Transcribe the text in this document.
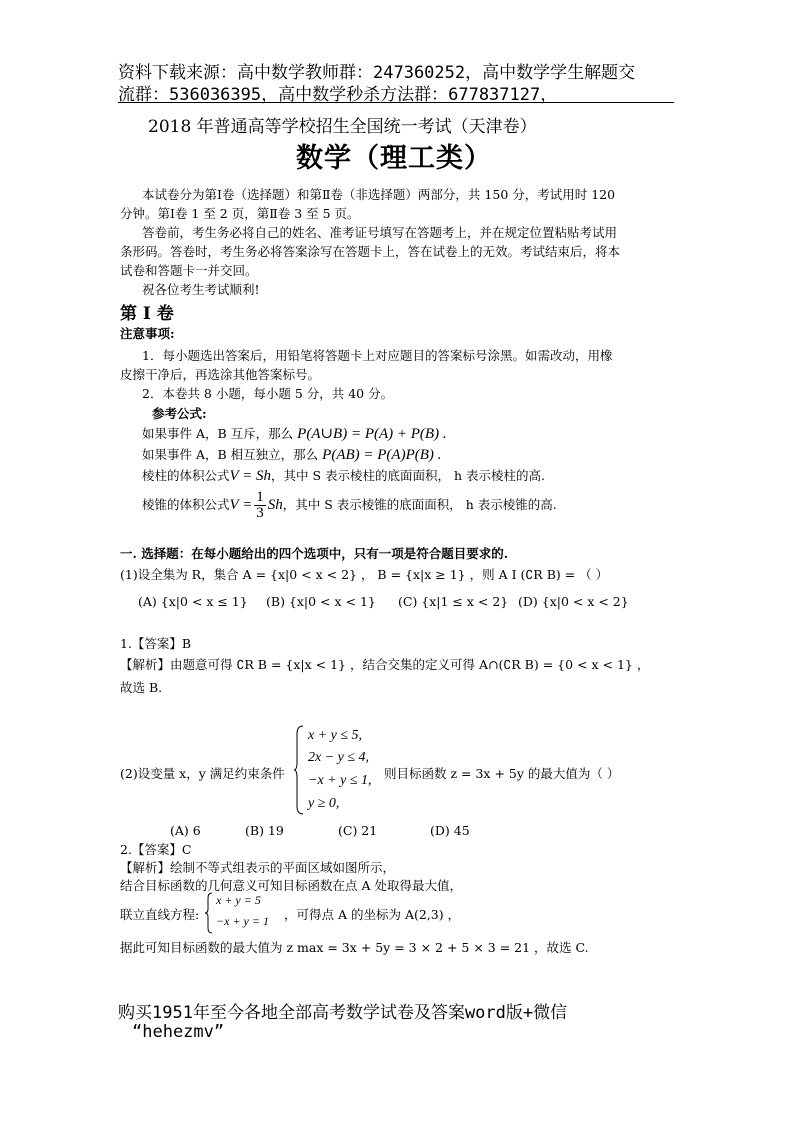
资料下载来源：高中数学教师群：247360252，高中数学学生解题交
流群：536036395，高中数学秒杀方法群：677837127，
2018 年普通高等学校招生全国统一考试（天津卷）
数学（理工类）
本试卷分为第Ⅰ卷（选择题）和第Ⅱ卷（非选择题）两部分，共 150 分，考试用时 120
分钟。第Ⅰ卷 1 至 2 页，第Ⅱ卷 3 至 5 页。
答卷前，考生务必将自己的姓名、准考证号填写在答题考上，并在规定位置粘贴考试用
条形码。答卷时，考生务必将答案涂写在答题卡上，答在试卷上的无效。考试结束后，将本
试卷和答题卡一并交回。
祝各位考生考试顺利!
第 I 卷
注意事项:
1．每小题选出答案后，用铅笔将答题卡上对应题目的答案标号涂黑。如需改动，用橡
皮擦干净后，再选涂其他答案标号。
2．本卷共 8 小题，每小题 5 分，共 40 分。
参考公式:
如果事件 A，B 互斥，那么 P(A∪B) = P(A) + P(B) .
如果事件 A，B 相互独立，那么 P(AB) = P(A)P(B) .
棱柱的体积公式V = Sh，其中 S 表示棱柱的底面面积， h 表示棱柱的高.
棱锥的体积公式$V = \frac{1}{3}$ Sh，其中 S 表示棱锥的底面面积， h 表示棱锥的高.
一. 选择题：在每小题给出的四个选项中，只有一项是符合题目要求的.
(1)设全集为 R，集合 A = {x|0 < x < 2} ， B = {x|x ≥ 1} ，则 A I (∁R B) = （ ）
(A) {x|0 < x ≤ 1} (B) {x|0 < x < 1} (C) {x|1 ≤ x < 2} (D) {x|0 < x < 2}
1.【答案】B
【解析】由题意可得 ∁R B = {x|x < 1} ，结合交集的定义可得 A∩(∁R B) = {0 < x < 1} ，
故选 B.
(2)设变量 x，y 满足约束条件
x + y ≤ 5,
2x − y ≤ 4,
−x + y ≤ 1,
y ≥ 0,
则目标函数 z = 3x + 5y 的最大值为（ ）
(A) 6	(B) 19	(C) 21	(D) 45
2.【答案】C
【解析】绘制不等式组表示的平面区域如图所示，
结合目标函数的几何意义可知目标函数在点 A 处取得最大值，
联立直线方程:
x + y = 5
−x + y = 1 ，可得点 A 的坐标为 A(2,3) ，
据此可知目标函数的最大值为 z max = 3x + 5y = 3 × 2 + 5 × 3 = 21 ，故选 C.
购买1951年至今各地全部高考数学试卷及答案word版+微信
“hehezmv”
